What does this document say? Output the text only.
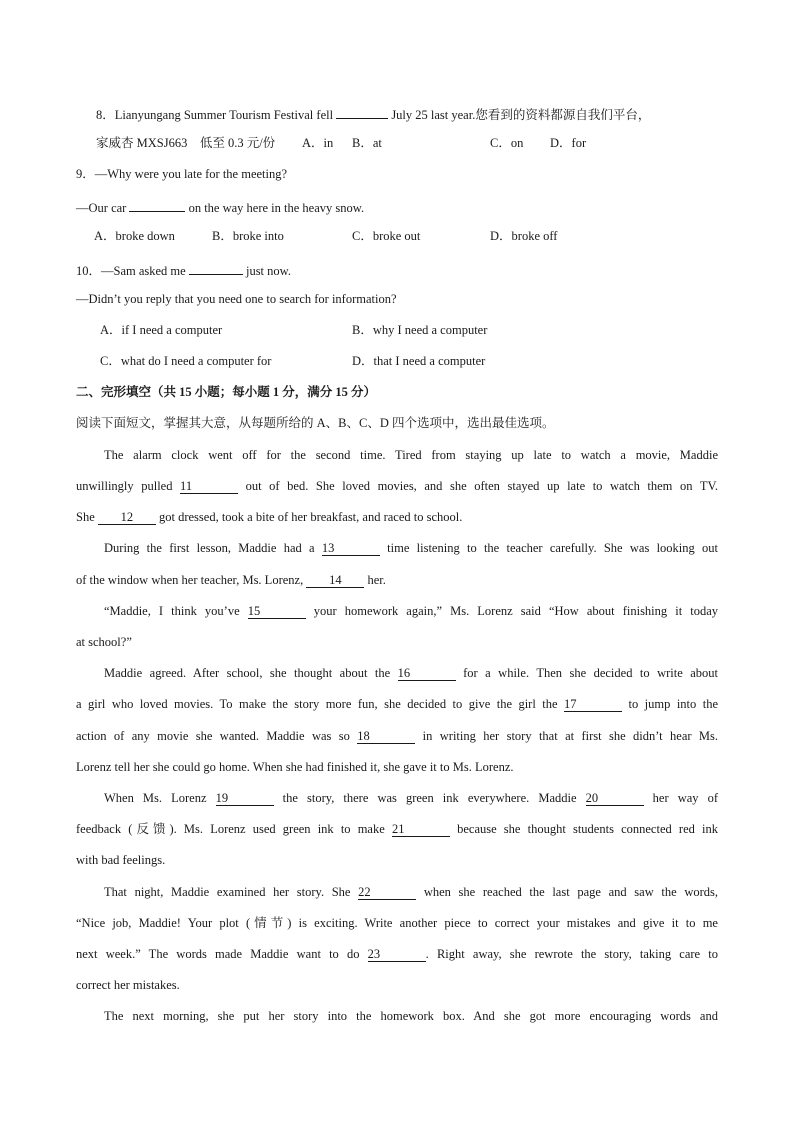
8．Lianyungang Summer Tourism Festival fell	July 25 last year.您看到的资料都源自我们平台，
家威杏 MXSJ663　低至 0.3 元/份 A．in B．at	C．on D．for
9．—Why were you late for the meeting?
—Our car	on the way here in the heavy snow.
A．broke down	B．broke into	C．broke out	D．broke off
10．—Sam asked me	just now.
—Didn’t you reply that you need one to search for information?
A．if I need a computer	B．why I need a computer
C．what do I need a computer for	D．that I need a computer
二、完形填空（共 15 小题；每小题 1 分，满分 15 分）
阅读下面短文，掌握其大意，从每题所给的 A、B、C、D 四个选项中，选出最佳选项。
The alarm clock went off for the second time. Tired from staying up late to watch a movie, Maddie
unwillingly pulled 11	out of bed. She loved movies, and she often stayed up late to watch them on TV.
She 12 got dressed, took a bite of her breakfast, and raced to school.
During the first lesson, Maddie had a 13	time listening to the teacher carefully. She was looking out
of the window when her teacher, Ms. Lorenz, 14 her.
“Maddie, I think you’ve 15	your homework again,” Ms. Lorenz said “How about finishing it today
at school?”
Maddie agreed. After school, she thought about the 16	for a while. Then she decided to write about
a girl who loved movies. To make the story more fun, she decided to give the girl the 17	to jump into the
action of any movie she wanted. Maddie was so 18	in writing her story that at first she didn’t hear Ms.
Lorenz tell her she could go home. When she had finished it, she gave it to Ms. Lorenz.
When Ms. Lorenz 19	the story, there was green ink everywhere. Maddie 20	her way of
feedback (反馈). Ms. Lorenz used green ink to make 21	because she thought students connected red ink
with bad feelings.
That night, Maddie examined her story. She 22	when she reached the last page and saw the words,
“Nice job, Maddie! Your plot (情节) is exciting. Write another piece to correct your mistakes and give it to me
next week.” The words made Maddie want to do 23	. Right away, she rewrote the story, taking care to
correct her mistakes.
The next morning, she put her story into the homework box. And she got more encouraging words and
